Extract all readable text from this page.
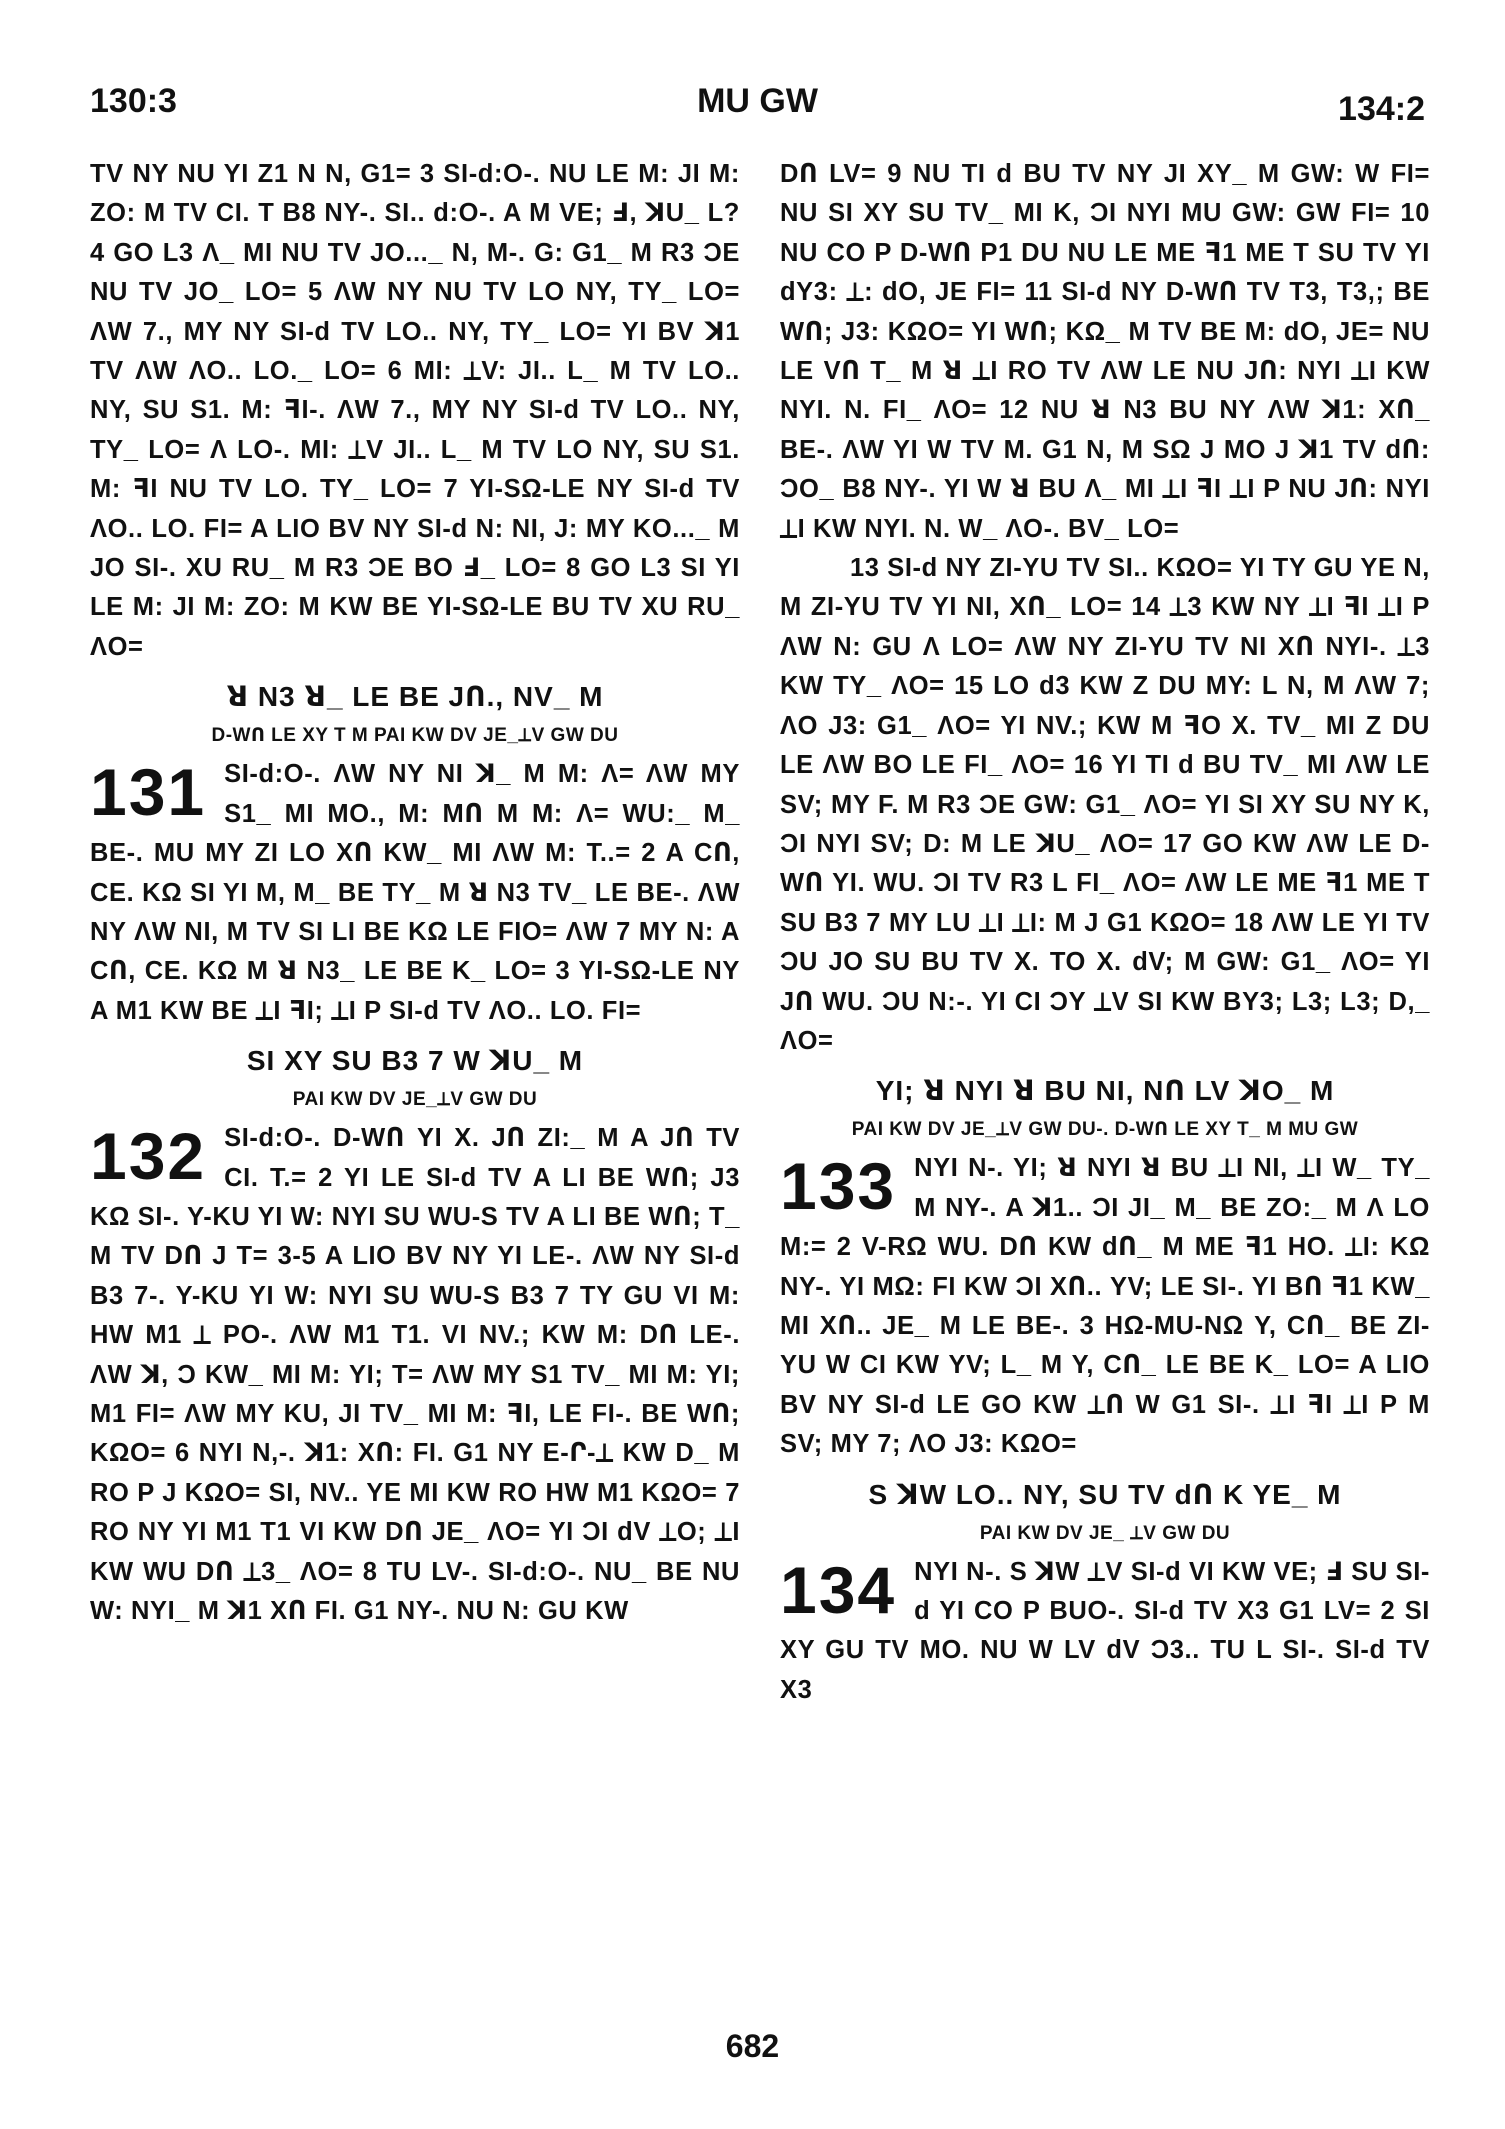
MU GW
130:3	134:2

TV NY NU YI Z1 N N, G1= 3 SI-d:O-. NU LE M: JI M: ZO: M TV CI. T B8 NY-. SI.. d:O-. A M VE; Ⅎ, ꓘU_ L? 4 GO L3 Λ_ MI NU TV JO..._ N, M-. G: G1_ M R3 ƆE NU TV JO_ LO= 5 ΛW NY NU TV LO NY, TY_ LO= ΛW 7., MY NY SI-d TV LO.. NY, TY_ LO= YI BV ꓘ1 TV ΛW ΛO.. LO._ LO= 6 MI: ⟂V: JI.. L_ M TV LO.. NY, SU S1. M: ꟻI-. ΛW 7., MY NY SI-d TV LO.. NY, TY_ LO= Λ LO-. MI: ⟂V JI.. L_ M TV LO NY, SU S1. M: ꟻI NU TV LO. TY_ LO= 7 YI-SΩ-LE NY SI-d TV ΛO.. LO. FI= A LIO BV NY SI-d N: NI, J: MY KO..._ M JO SI-. XU RU_ M R3 ƆE BO Ⅎ_ LO= 8 GO L3 SI YI LE M: JI M: ZO: M KW BE YI-SΩ-LE BU TV XU RU_ ΛO=

ꓤ N3 ꓤ_ LE BE JՈ., NV_ M
D-WՈ LE XY T M PAI KW DV JE_⟂V GW DU

131 SI-d:O-. ΛW NY NI ꓘ_ M M: Λ= ΛW MY S1_ MI MO., M: MՈ M M: Λ= WU:_ M_ BE-. MU MY ZI LO XՈ KW_ MI ΛW M: T..= 2 A CՈ, CE. KΩ SI YI M, M_ BE TY_ M ꓤ N3 TV_ LE BE-. ΛW NY ΛW NI, M TV SI LI BE KΩ LE FIO= ΛW 7 MY N: A CՈ, CE. KΩ M ꓤ N3_ LE BE K_ LO= 3 YI-SΩ-LE NY A M1 KW BE ⟂I ꟻI; ⟂I P SI-d TV ΛO.. LO. FI=

SI XY SU B3 7 W ꓘU_ M
PAI KW DV JE_⟂V GW DU

132 SI-d:O-. D-WՈ YI X. JՈ ZI:_ M A JՈ TV CI. T.= 2 YI LE SI-d TV A LI BE WՈ; J3 KΩ SI-. Y-KU YI W: NYI SU WU-S TV A LI BE WՈ; T_ M TV DՈ J T= 3-5 A LIO BV NY YI LE-. ΛW NY SI-d B3 7-. Y-KU YI W: NYI SU WU-S B3 7 TY GU VI M: HW M1 ⟂ PO-. ΛW M1 T1. VI NV.; KW M: DՈ LE-. ΛW ꓘ, Ɔ KW_ MI M: YI; T= ΛW MY S1 TV_ MI M: YI; M1 FI= ΛW MY KU, JI TV_ MI M: ꟻI, LE FI-. BE WՈ; KΩO= 6 NYI N,-. ꓘ1: XՈ: FI. G1 NY E-Ր-⟂ KW D_ M RO P J KΩO= SI, NV.. YE MI KW RO HW M1 KΩO= 7 RO NY YI M1 T1 VI KW DՈ JE_ ΛO= YI ƆI dV ⟂O; ⟂I KW WU DՈ ⟂3_ ΛO= 8 TU LV-. SI-d:O-. NU_ BE NU W: NYI_ M ꓘ1 XՈ FI. G1 NY-. NU N: GU KW

DՈ LV= 9 NU TI d BU TV NY JI XY_ M GW: W FI= NU SI XY SU TV_ MI K, ƆI NYI MU GW: GW FI= 10 NU CO P D-WՈ P1 DU NU LE ME ꟻ1 ME T SU TV YI dY3: ⟂: dO, JE FI= 11 SI-d NY D-WՈ TV T3, T3,; BE WՈ; J3: KΩO= YI WՈ; KΩ_ M TV BE M: dO, JE= NU LE VՈ T_ M ꓤ ⟂I RO TV ΛW LE NU JՈ: NYI ⟂I KW NYI. N. FI_ ΛO= 12 NU ꓤ N3 BU NY ΛW ꓘ1: XՈ_ BE-. ΛW YI W TV M. G1 N, M SΩ J MO J ꓘ1 TV dՈ: ƆO_ B8 NY-. YI W ꓤ BU Λ_ MI ⟂I ꟻI ⟂I P NU JՈ: NYI ⟂I KW NYI. N. W_ ΛO-. BV_ LO=

13 SI-d NY ZI-YU TV SI.. KΩO= YI TY GU YE N, M ZI-YU TV YI NI, XՈ_ LO= 14 ⟂3 KW NY ⟂I ꟻI ⟂I P ΛW N: GU Λ LO= ΛW NY ZI-YU TV NI XՈ NYI-. ⟂3 KW TY_ ΛO= 15 LO d3 KW Z DU MY: L N, M ΛW 7; ΛO J3: G1_ ΛO= YI NV.; KW M ꟻO X. TV_ MI Z DU LE ΛW BO LE FI_ ΛO= 16 YI TI d BU TV_ MI ΛW LE SV; MY F. M R3 ƆE GW: G1_ ΛO= YI SI XY SU NY K, ƆI NYI SV; D: M LE ꓘU_ ΛO= 17 GO KW ΛW LE D-WՈ YI. WU. ƆI TV R3 L FI_ ΛO= ΛW LE ME ꟻ1 ME T SU B3 7 MY LU ⟂I ⟂I: M J G1 KΩO= 18 ΛW LE YI TV ƆU JO SU BU TV X. TO X. dV; M GW: G1_ ΛO= YI JՈ WU. ƆU N:-. YI CI ƆY ⟂V SI KW BY3; L3; L3; D,_ ΛO=

YI; ꓤ NYI ꓤ BU NI, NՈ LV ꓘO_ M
PAI KW DV JE_⟂V GW DU-. D-WՈ LE XY T_ M MU GW

133 NYI N-. YI; ꓤ NYI ꓤ BU ⟂I NI, ⟂I W_ TY_ M NY-. A ꓘ1.. ƆI JI_ M_ BE ZO:_ M Λ LO M:= 2 V-RΩ WU. DՈ KW dՈ_ M ME ꟻ1 HO. ⟂I: KΩ NY-. YI MΩ: FI KW ƆI XՈ.. YV; LE SI-. YI BՈ ꟻ1 KW_ MI XՈ.. JE_ M LE BE-. 3 HΩ-MU-NΩ Y, CՈ_ BE ZI-YU W CI KW YV; L_ M Y, CՈ_ LE BE K_ LO= A LIO BV NY SI-d LE GO KW ⟂Ո W G1 SI-. ⟂I ꟻI ⟂I P M SV; MY 7; ΛO J3: KΩO=

S ꓘW LO.. NY, SU TV dՈ K YE_ M
PAI KW DV JE_ ⟂V GW DU

134 NYI N-. S ꓘW ⟂V SI-d VI KW VE; Ⅎ SU SI-d YI CO P BUO-. SI-d TV X3 G1 LV= 2 SI XY GU TV MO. NU W LV dV Ɔ3.. TU L SI-. SI-d TV X3

682
